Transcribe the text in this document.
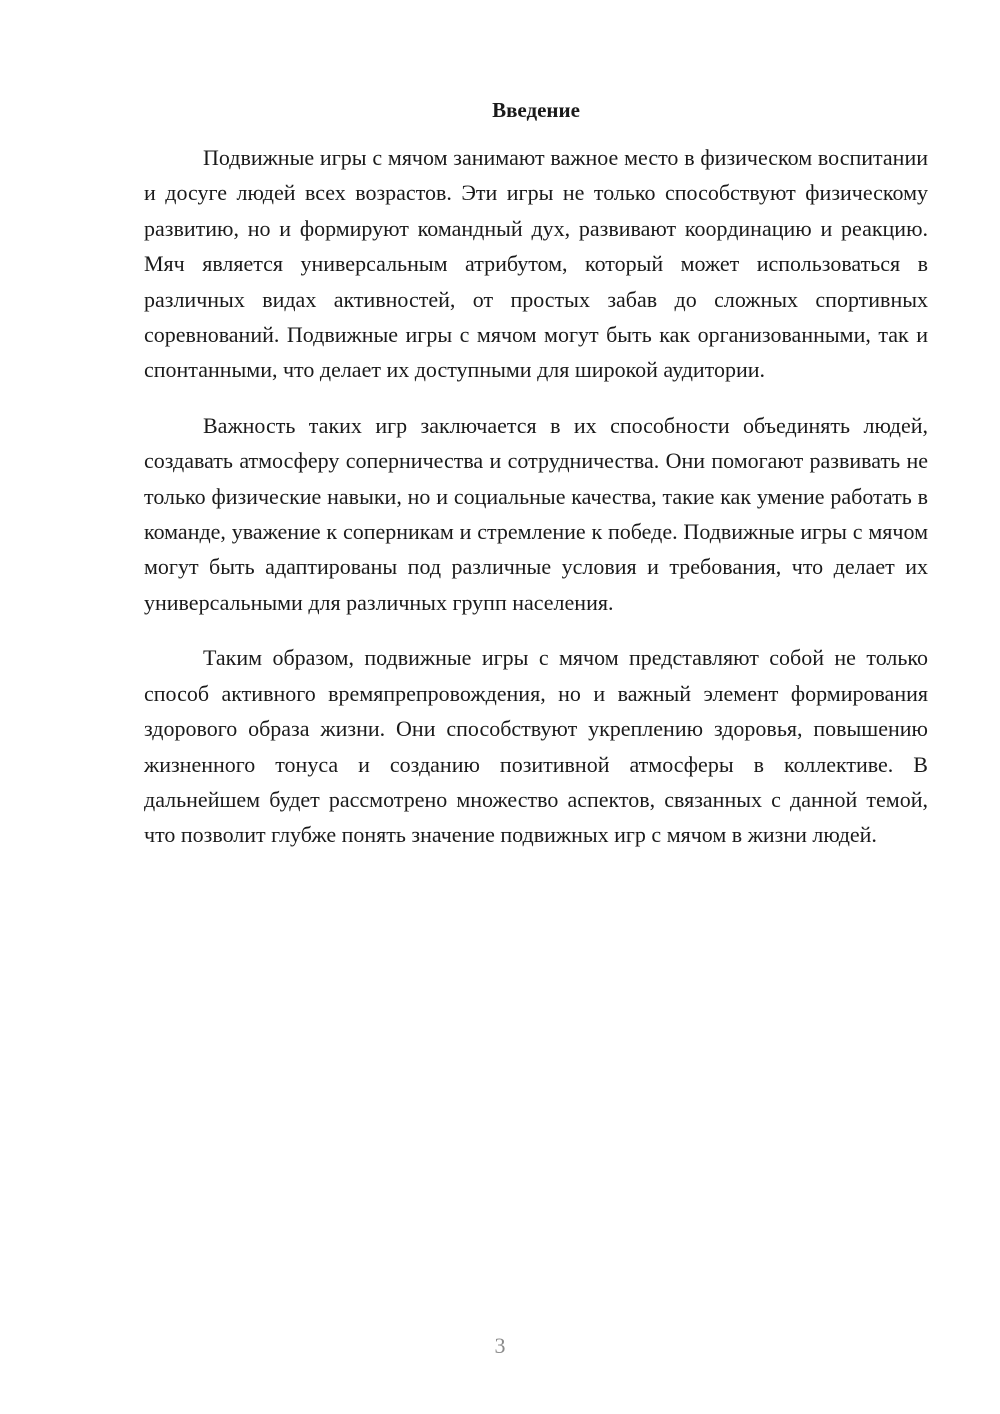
Введение

Подвижные игры с мячом занимают важное место в физическом воспитании и досуге людей всех возрастов. Эти игры не только способствуют физическому развитию, но и формируют командный дух, развивают координацию и реакцию. Мяч является универсальным атрибутом, который может использоваться в различных видах активностей, от простых забав до сложных спортивных соревнований. Подвижные игры с мячом могут быть как организованными, так и спонтанными, что делает их доступными для широкой аудитории.

Важность таких игр заключается в их способности объединять людей, создавать атмосферу соперничества и сотрудничества. Они помогают развивать не только физические навыки, но и социальные качества, такие как умение работать в команде, уважение к соперникам и стремление к победе. Подвижные игры с мячом могут быть адаптированы под различные условия и требования, что делает их универсальными для различных групп населения.

Таким образом, подвижные игры с мячом представляют собой не только способ активного времяпрепровождения, но и важный элемент формирования здорового образа жизни. Они способствуют укреплению здоровья, повышению жизненного тонуса и созданию позитивной атмосферы в коллективе. В дальнейшем будет рассмотрено множество аспектов, связанных с данной темой, что позволит глубже понять значение подвижных игр с мячом в жизни людей.

3
